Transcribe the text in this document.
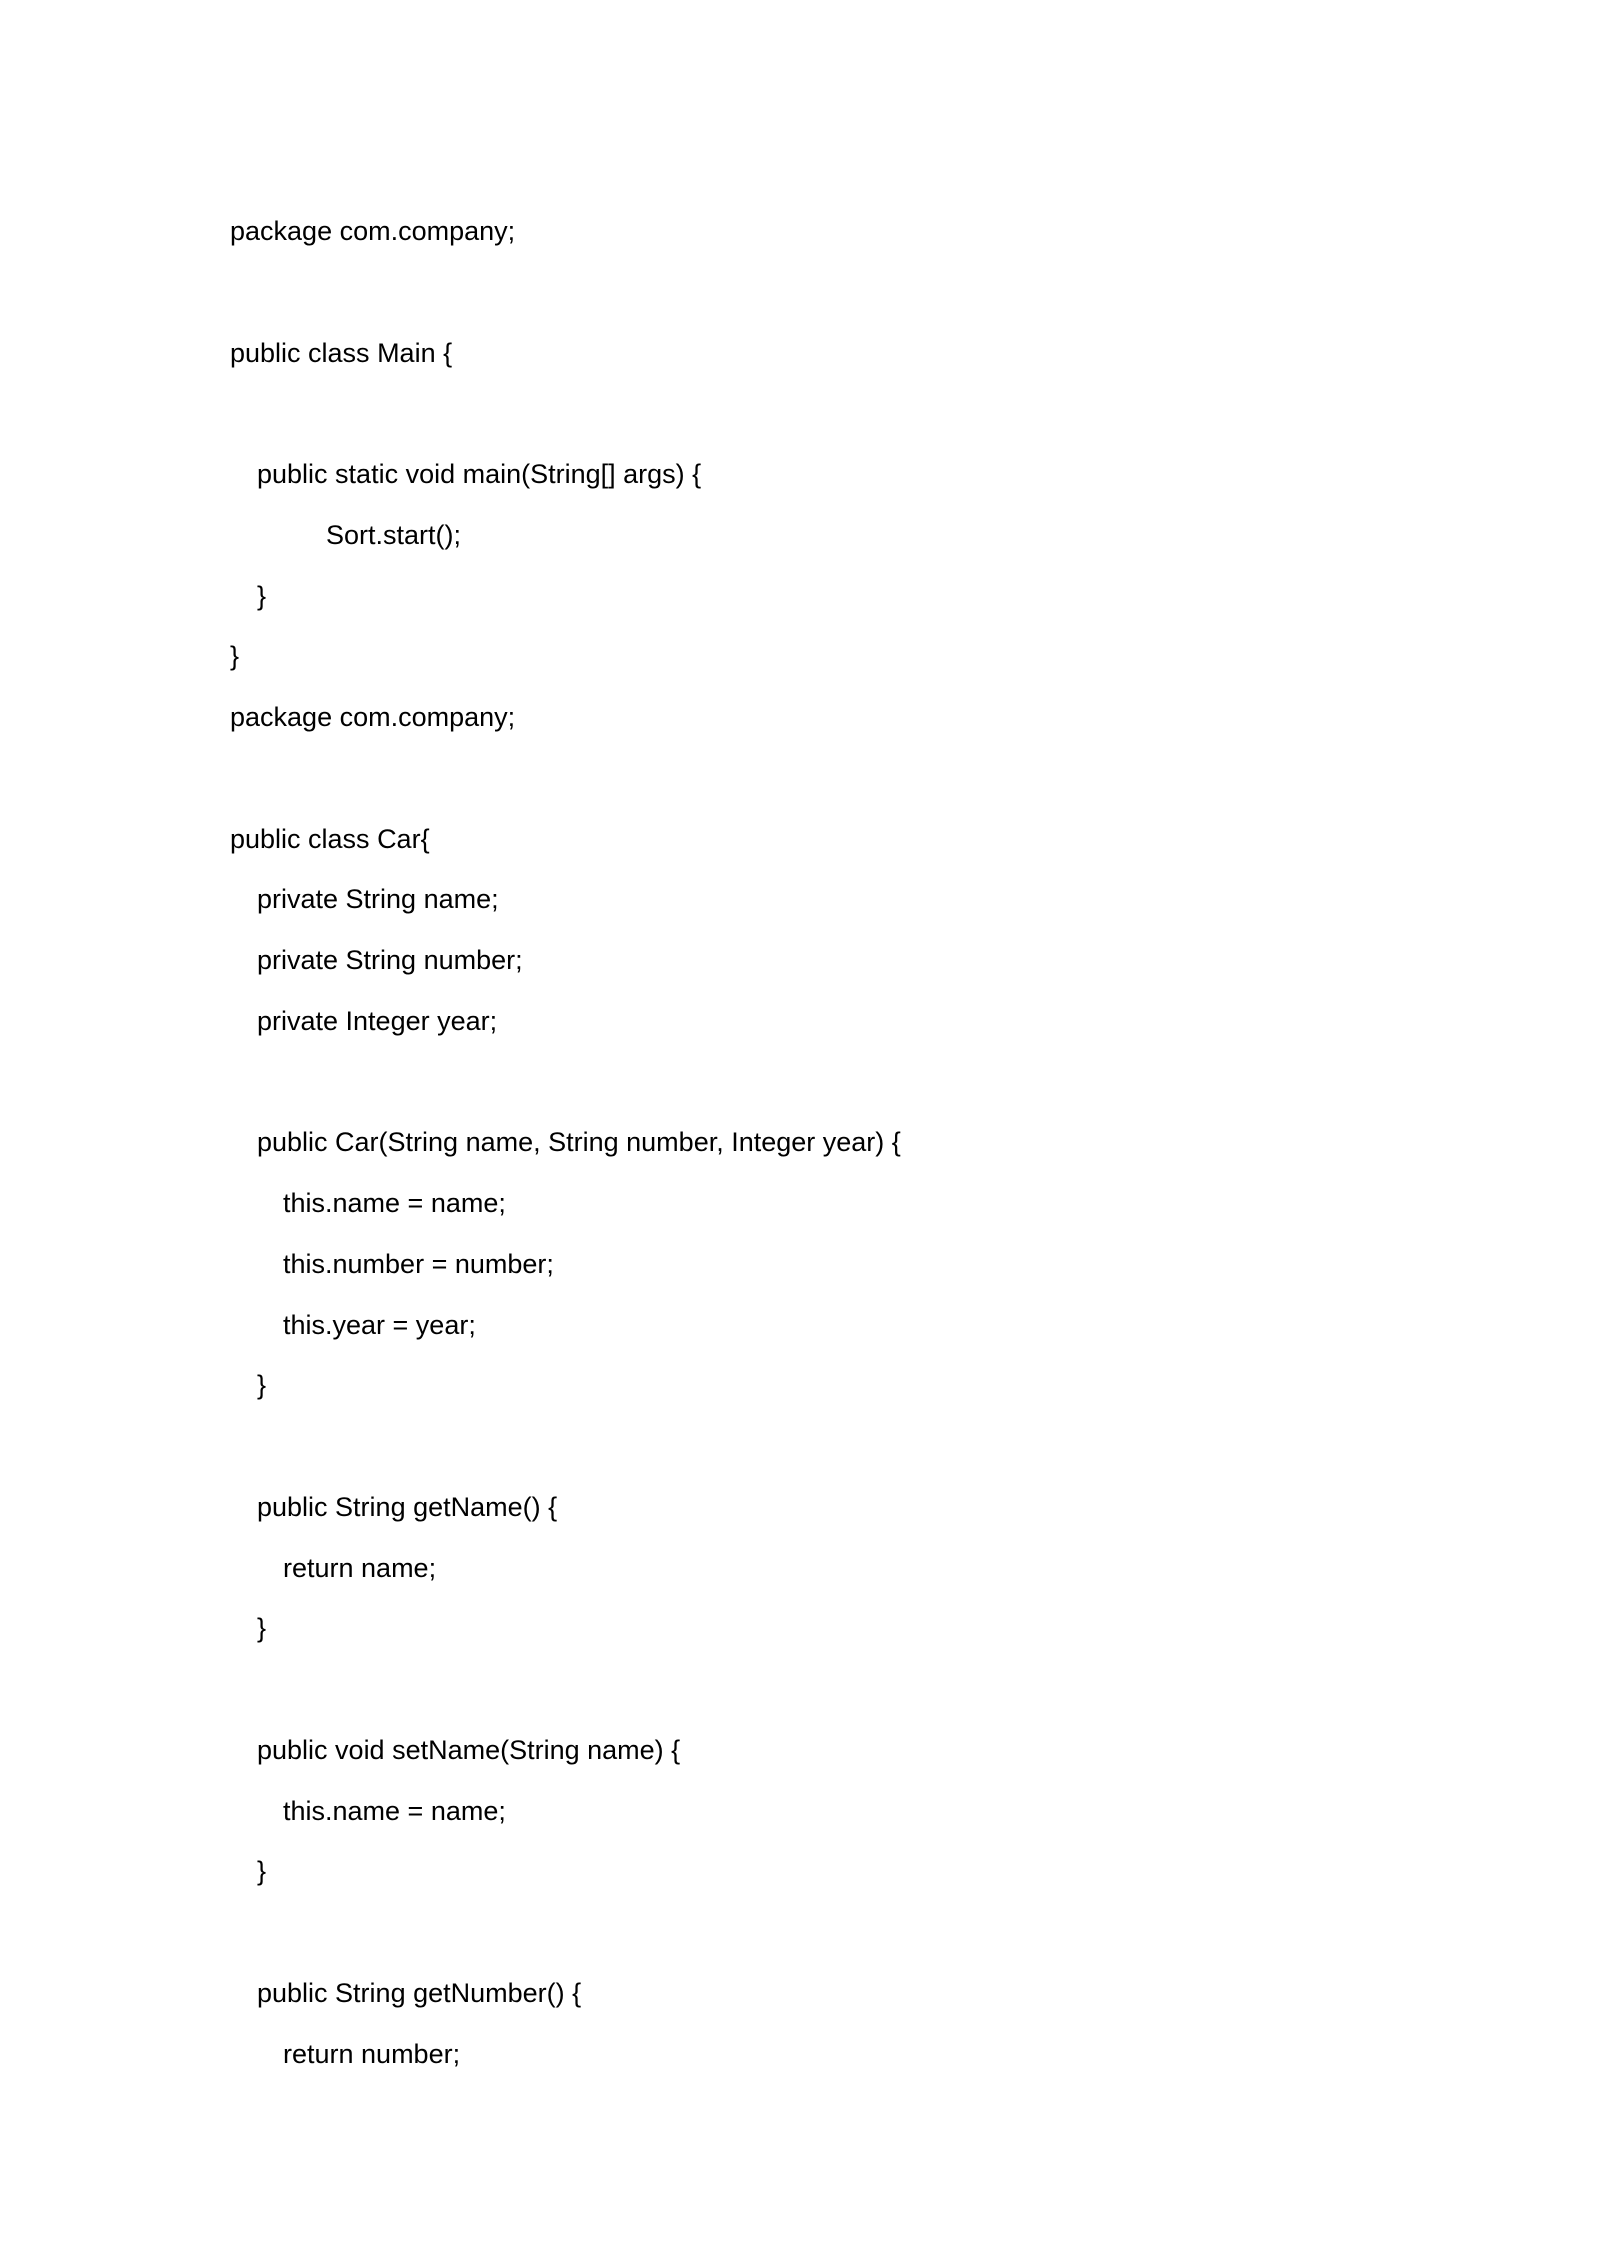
package com.company;
public class Main {
public static void main(String[] args) {
Sort.start();
}
}
package com.company;
public class Car{
private String name;
private String number;
private Integer year;
public Car(String name, String number, Integer year) {
this.name = name;
this.number = number;
this.year = year;
}
public String getName() {
return name;
}
public void setName(String name) {
this.name = name;
}
public String getNumber() {
return number;
